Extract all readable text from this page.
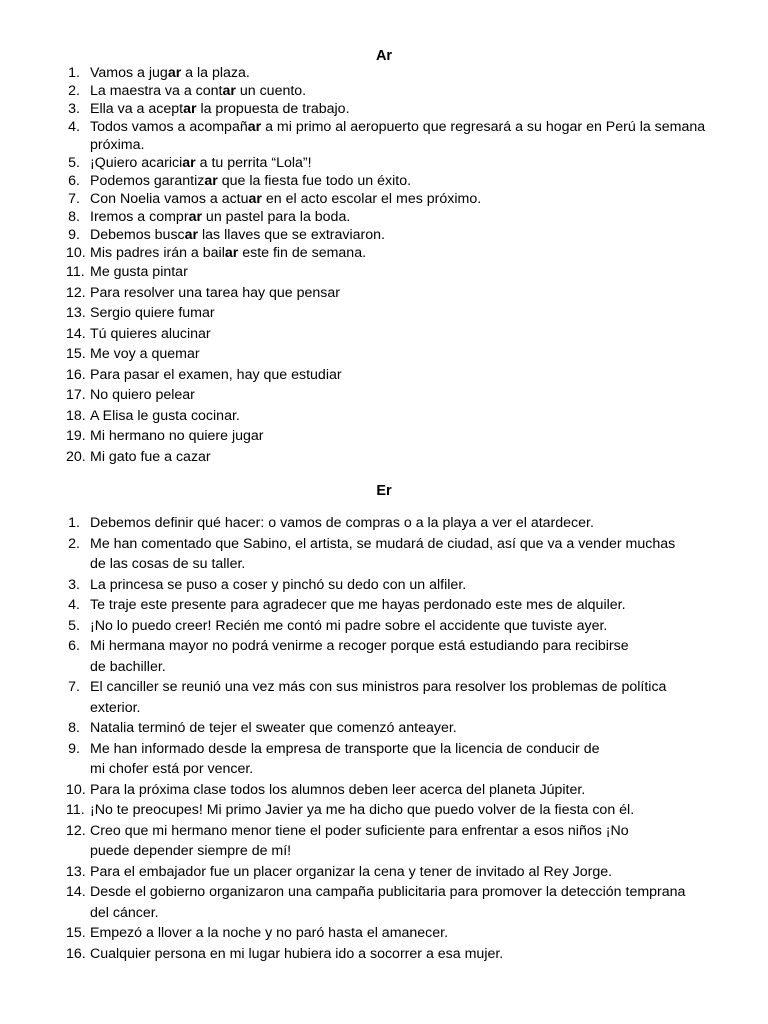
Ar
1. Vamos a jugar a la plaza.
2. La maestra va a contar un cuento.
3. Ella va a aceptar la propuesta de trabajo.
4. Todos vamos a acompañar a mi primo al aeropuerto que regresará a su hogar en Perú la semana próxima.
5. ¡Quiero acariciar a tu perrita “Lola”!
6. Podemos garantizar que la fiesta fue todo un éxito.
7. Con Noelia vamos a actuar en el acto escolar el mes próximo.
8. Iremos a comprar un pastel para la boda.
9. Debemos buscar las llaves que se extraviaron.
10. Mis padres irán a bailar este fin de semana.
11. Me gusta pintar
12. Para resolver una tarea hay que pensar
13. Sergio quiere fumar
14. Tú quieres alucinar
15. Me voy a quemar
16. Para pasar el examen, hay que estudiar
17. No quiero pelear
18. A Elisa le gusta cocinar.
19. Mi hermano no quiere jugar
20. Mi gato fue a cazar
Er
1. Debemos definir qué hacer: o vamos de compras o a la playa a ver el atardecer.
2. Me han comentado que Sabino, el artista, se mudará de ciudad, así que va a vender muchas
de las cosas de su taller.
3. La princesa se puso a coser y pinchó su dedo con un alfiler.
4. Te traje este presente para agradecer que me hayas perdonado este mes de alquiler.
5. ¡No lo puedo creer! Recién me contó mi padre sobre el accidente que tuviste ayer.
6. Mi hermana mayor no podrá venirme a recoger porque está estudiando para recibirse
de bachiller.
7. El canciller se reunió una vez más con sus ministros para resolver los problemas de política
exterior.
8. Natalia terminó de tejer el sweater que comenzó anteayer.
9. Me han informado desde la empresa de transporte que la licencia de conducir de
mi chofer está por vencer.
10. Para la próxima clase todos los alumnos deben leer acerca del planeta Júpiter.
11. ¡No te preocupes! Mi primo Javier ya me ha dicho que puedo volver de la fiesta con él.
12. Creo que mi hermano menor tiene el poder suficiente para enfrentar a esos niños ¡No
puede depender siempre de mí!
13. Para el embajador fue un placer organizar la cena y tener de invitado al Rey Jorge.
14. Desde el gobierno organizaron una campaña publicitaria para promover la detección temprana
del cáncer.
15. Empezó a llover a la noche y no paró hasta el amanecer.
16. Cualquier persona en mi lugar hubiera ido a socorrer a esa mujer.
